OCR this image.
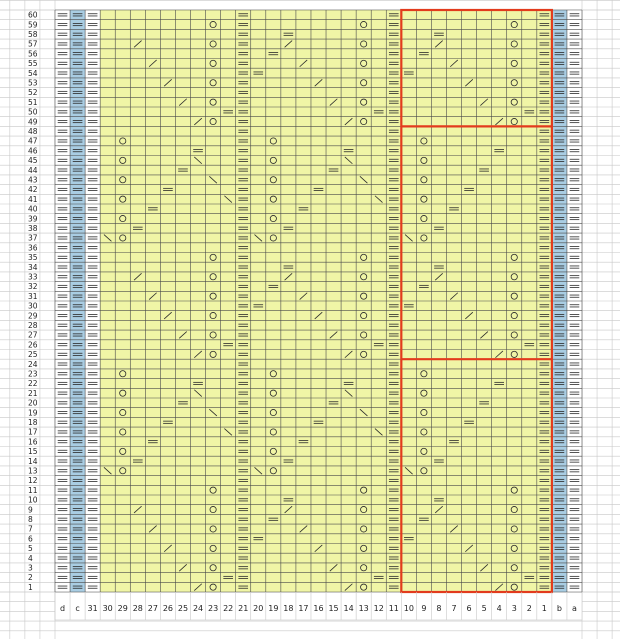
1
2
3
4
5
6
7
8
9
10
11
12
13
14
15
16
17
18
19
20
21
22
23
24
25
26
27
28
29
30
31
32
33
34
35
36
37
38
39
40
41
42
43
44
45
46
47
48
49
50
51
52
53
54
55
56
57
58
59
60
d c 31 30 29 28 27 26 25 24 23 22 21 20 19 18 17 16 15 14 13 12 11 10 9 8 7 6 5 4 3 2 1 b a
